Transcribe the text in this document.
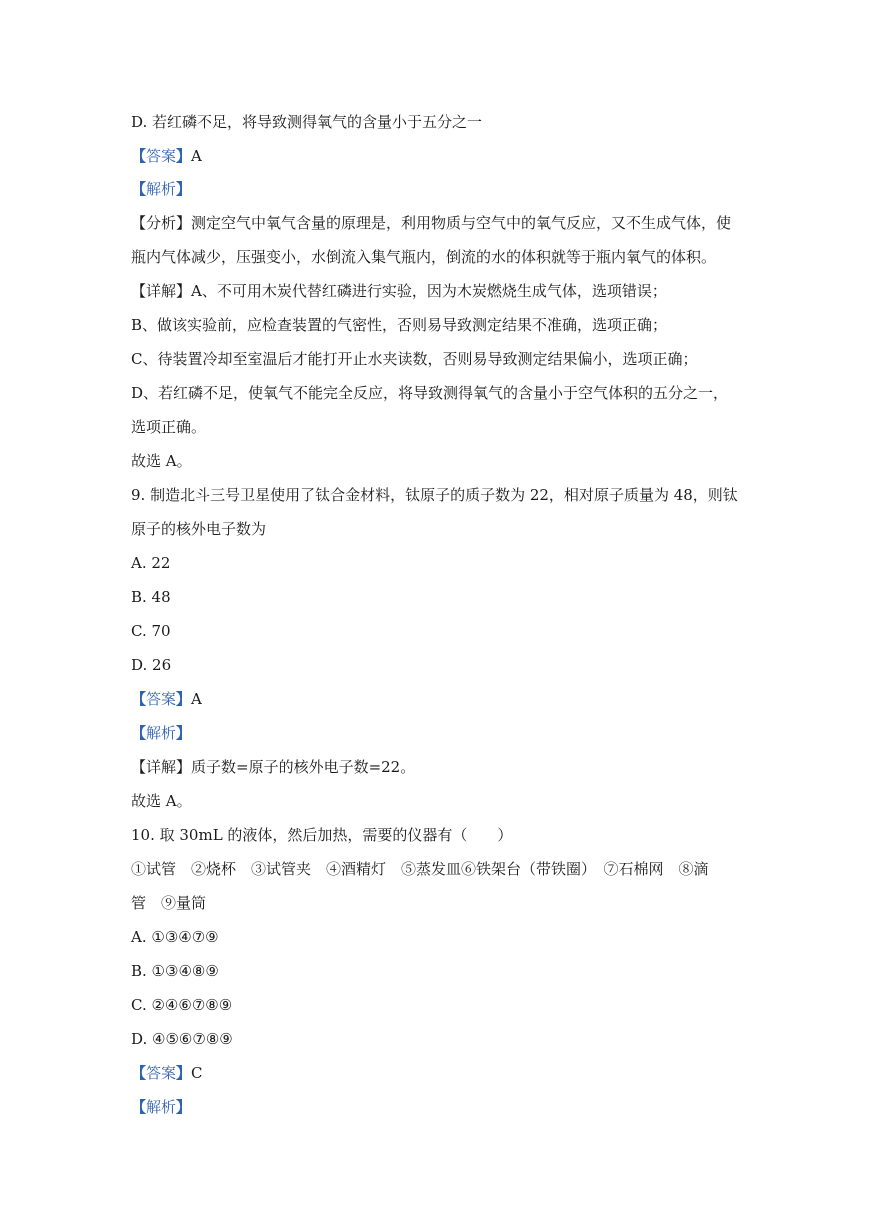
D. 若红磷不足，将导致测得氧气的含量小于五分之一
【答案】A
【解析】
【分析】测定空气中氧气含量的原理是，利用物质与空气中的氧气反应，又不生成气体，使
瓶内气体减少，压强变小，水倒流入集气瓶内，倒流的水的体积就等于瓶内氧气的体积。
【详解】A、不可用木炭代替红磷进行实验，因为木炭燃烧生成气体，选项错误；
B、做该实验前，应检查装置的气密性，否则易导致测定结果不准确，选项正确；
C、待装置冷却至室温后才能打开止水夹读数，否则易导致测定结果偏小，选项正确；
D、若红磷不足，使氧气不能完全反应，将导致测得氧气的含量小于空气体积的五分之一，
选项正确。
故选 A。
9. 制造北斗三号卫星使用了钛合金材料，钛原子的质子数为 22，相对原子质量为 48，则钛
原子的核外电子数为
A. 22
B. 48
C. 70
D. 26
【答案】A
【解析】
【详解】质子数=原子的核外电子数=22。
故选 A。
10. 取 30mL 的液体，然后加热，需要的仪器有（　　）
①试管　②烧杯　③试管夹　④酒精灯　⑤蒸发皿⑥铁架台（带铁圈）　⑦石棉网　⑧滴
管　⑨量筒
A. ①③④⑦⑨
B. ①③④⑧⑨
C. ②④⑥⑦⑧⑨
D. ④⑤⑥⑦⑧⑨
【答案】C
【解析】
